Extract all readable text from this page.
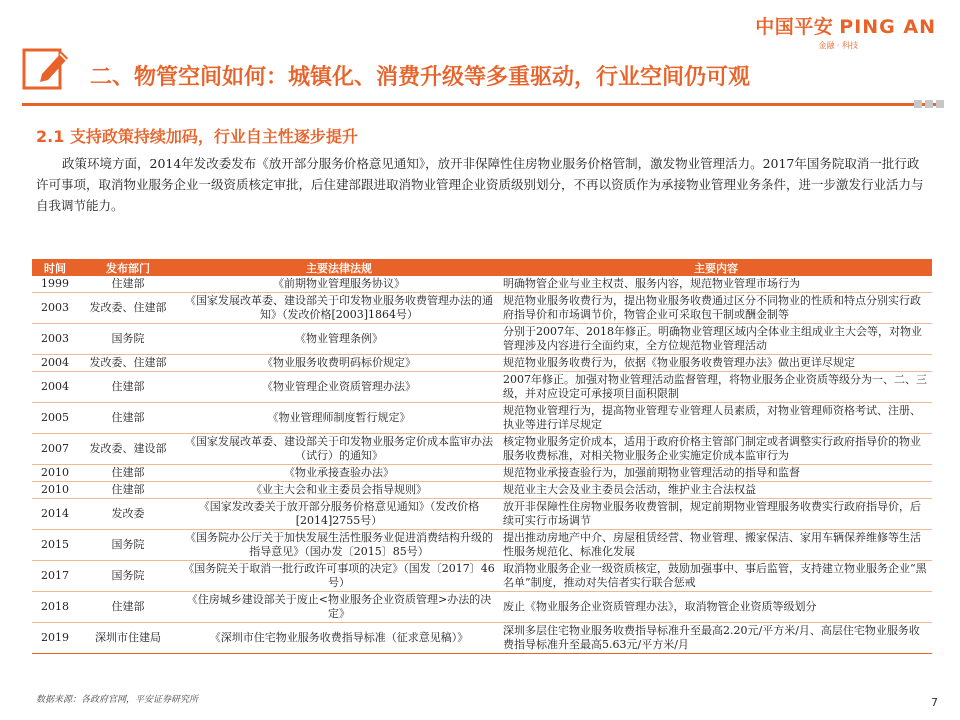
中国平安 PING AN
金融 · 科技
二、物管空间如何：城镇化、消费升级等多重驱动，行业空间仍可观
2.1 支持政策持续加码，行业自主性逐步提升
政策环境方面，2014年发改委发布《放开部分服务价格意见通知》，放开非保障性住房物业服务价格管制，激发物业管理活力。2017年国务院取消一批行政许可事项，取消物业服务企业一级资质核定审批，后住建部跟进取消物业管理企业资质级别划分，不再以资质作为承接物业管理业务条件，进一步激发行业活力与自我调节能力。
时间	发布部门	主要法律法规	主要内容
1999	住建部	《前期物业管理服务协议》	明确物管企业与业主权责、服务内容，规范物业管理市场行为
2003	发改委、住建部	《国家发展改革委、建设部关于印发物业服务收费管理办法的通知》（发改价格[2003]1864号）	规范物业服务收费行为，提出物业服务收费通过区分不同物业的性质和特点分别实行政府指导价和市场调节价，物管企业可采取包干制或酬金制等
2003	国务院	《物业管理条例》	分别于2007年、2018年修正。明确物业管理区域内全体业主组成业主大会等，对物业管理涉及内容进行全面约束，全方位规范物业管理活动
2004	发改委、住建部	《物业服务收费明码标价规定》	规范物业服务收费行为，依据《物业服务收费管理办法》做出更详尽规定
2004	住建部	《物业管理企业资质管理办法》	2007年修正。加强对物业管理活动监督管理，将物业服务企业资质等级分为一、二、三级，并对应设定可承接项目面积限制
2005	住建部	《物业管理师制度暂行规定》	规范物业管理行为，提高物业管理专业管理人员素质，对物业管理师资格考试、注册、执业等进行详尽规定
2007	发改委、建设部	《国家发展改革委、建设部关于印发物业服务定价成本监审办法（试行）的通知》	核定物业服务定价成本，适用于政府价格主管部门制定或者调整实行政府指导价的物业服务收费标准，对相关物业服务企业实施定价成本监审行为
2010	住建部	《物业承接查验办法》	规范物业承接查验行为，加强前期物业管理活动的指导和监督
2010	住建部	《业主大会和业主委员会指导规则》	规范业主大会及业主委员会活动，维护业主合法权益
2014	发改委	《国家发改委关于放开部分服务价格意见通知》（发改价格[2014]2755号）	放开非保障性住房物业服务收费管制，规定前期物业管理服务收费实行政府指导价，后续可实行市场调节
2015	国务院	《国务院办公厅关于加快发展生活性服务业促进消费结构升级的指导意见》（国办发〔2015〕85号）	提出推动房地产中介、房屋租赁经营、物业管理、搬家保洁、家用车辆保养维修等生活性服务规范化、标准化发展
2017	国务院	《国务院关于取消一批行政许可事项的决定》（国发〔2017〕46号）	取消物业服务企业一级资质核定，鼓励加强事中、事后监管，支持建立物业服务企业“黑名单”制度，推动对失信者实行联合惩戒
2018	住建部	《住房城乡建设部关于废止<物业服务企业资质管理>办法的决定》	废止《物业服务企业资质管理办法》，取消物管企业资质等级划分
2019	深圳市住建局	《深圳市住宅物业服务收费指导标准（征求意见稿）》	深圳多层住宅物业服务收费指导标准升至最高2.20元/平方米/月、高层住宅物业服务收费指导标准升至最高5.63元/平方米/月
数据来源：各政府官网，平安证券研究所	7
